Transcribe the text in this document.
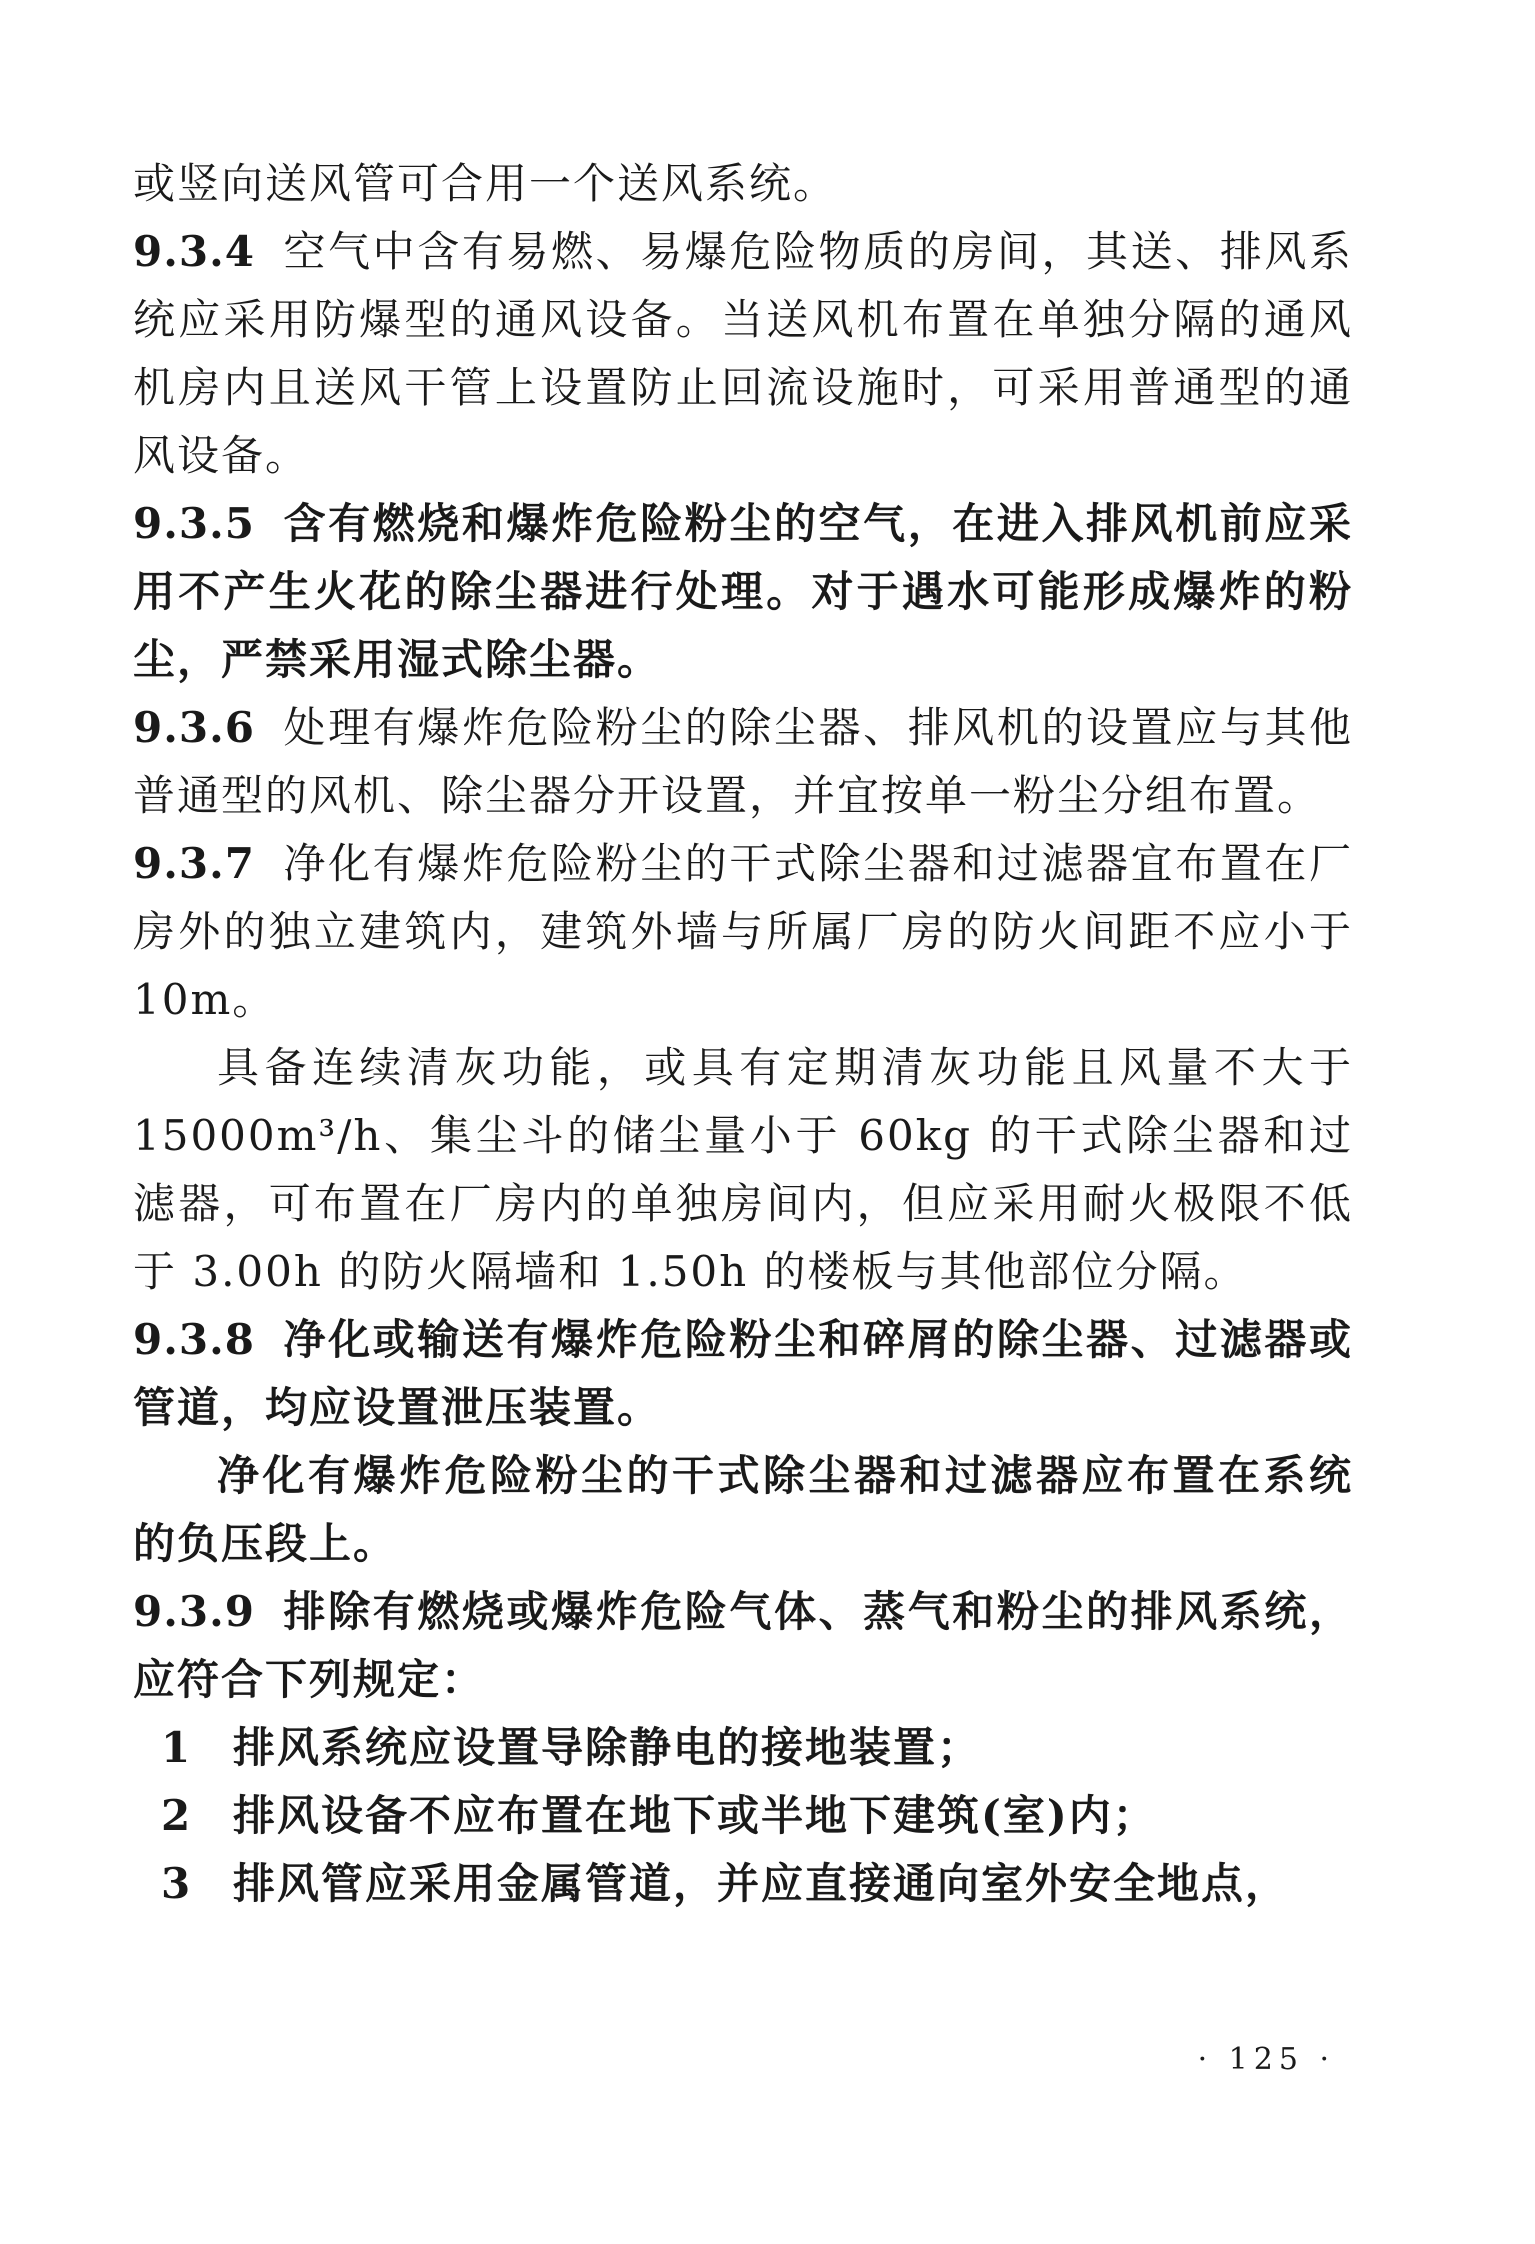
或竖向送风管可合用一个送风系统。

9.3.4 空气中含有易燃、易爆危险物质的房间，其送、排风系统应采用防爆型的通风设备。当送风机布置在单独分隔的通风机房内且送风干管上设置防止回流设施时，可采用普通型的通风设备。

9.3.5 含有燃烧和爆炸危险粉尘的空气，在进入排风机前应采用不产生火花的除尘器进行处理。对于遇水可能形成爆炸的粉尘，严禁采用湿式除尘器。

9.3.6 处理有爆炸危险粉尘的除尘器、排风机的设置应与其他普通型的风机、除尘器分开设置，并宜按单一粉尘分组布置。

9.3.7 净化有爆炸危险粉尘的干式除尘器和过滤器宜布置在厂房外的独立建筑内，建筑外墙与所属厂房的防火间距不应小于 10m。

具备连续清灰功能，或具有定期清灰功能且风量不大于 15000m³/h、集尘斗的储尘量小于 60kg 的干式除尘器和过滤器，可布置在厂房内的单独房间内，但应采用耐火极限不低于 3.00h 的防火隔墙和 1.50h 的楼板与其他部位分隔。

9.3.8 净化或输送有爆炸危险粉尘和碎屑的除尘器、过滤器或管道，均应设置泄压装置。

净化有爆炸危险粉尘的干式除尘器和过滤器应布置在系统的负压段上。

9.3.9 排除有燃烧或爆炸危险气体、蒸气和粉尘的排风系统，应符合下列规定：

1 排风系统应设置导除静电的接地装置；

2 排风设备不应布置在地下或半地下建筑(室)内；

3 排风管应采用金属管道，并应直接通向室外安全地点，

· 125 ·
